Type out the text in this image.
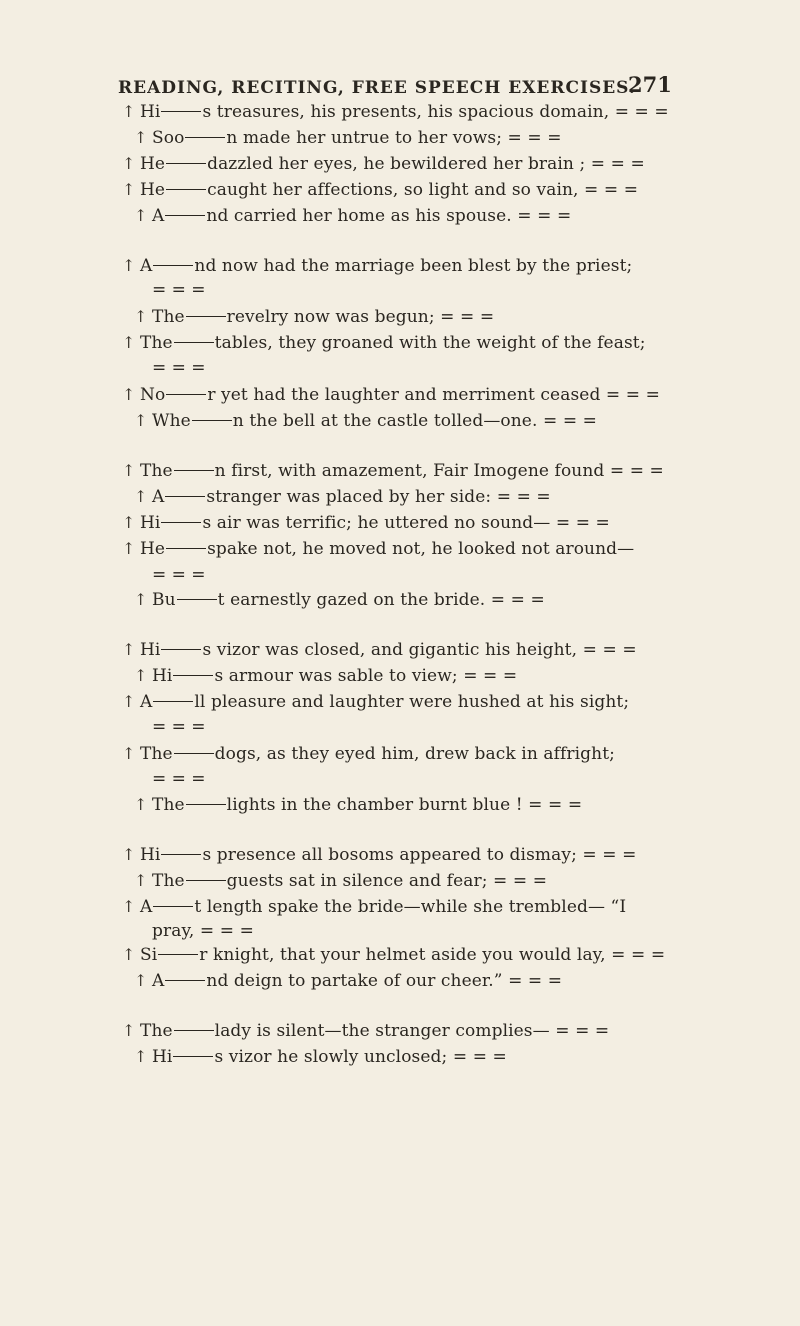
READING, RECITING, FREE SPEECH EXERCISES.
271
↑ Hi s treasures, his presents, his spacious domain, = = =
↑ Soo n made her untrue to her vows; = = =
↑ He dazzled her eyes, he bewildered her brain ; = = =
↑ He caught her affections, so light and so vain, = = =
↑ A nd carried her home as his spouse. = = =
↑ A nd now had the marriage been blest by the priest;
↑ The revelry now was begun; = = =
↑ The tables, they groaned with the weight of the feast;
↑ No r yet had the laughter and merriment ceased = = =
↑ Whe n the bell at the castle tolled—one. = = =
↑ The n first, with amazement, Fair Imogene found = = =
↑ A stranger was placed by her side: = = =
↑ Hi s air was terrific; he uttered no sound— = = =
↑ He spake not, he moved not, he looked not around—
↑ Bu t earnestly gazed on the bride. = = =
↑ Hi s vizor was closed, and gigantic his height, = = =
↑ Hi s armour was sable to view; = = =
↑ A ll pleasure and laughter were hushed at his sight;
↑ The dogs, as they eyed him, drew back in affright;
↑ The lights in the chamber burnt blue ! = = =
↑ Hi s presence all bosoms appeared to dismay; = = =
↑ The guests sat in silence and fear; = = =
↑ A t length spake the bride—while she trembled— “I
pray, = = =
↑ Si r knight, that your helmet aside you would lay, = = =
↑ A nd deign to partake of our cheer.” = = =
↑ The lady is silent—the stranger complies— = = =
↑ Hi s vizor he slowly unclosed; = = =
= = =
= = =
= = =
= = =
= = =
